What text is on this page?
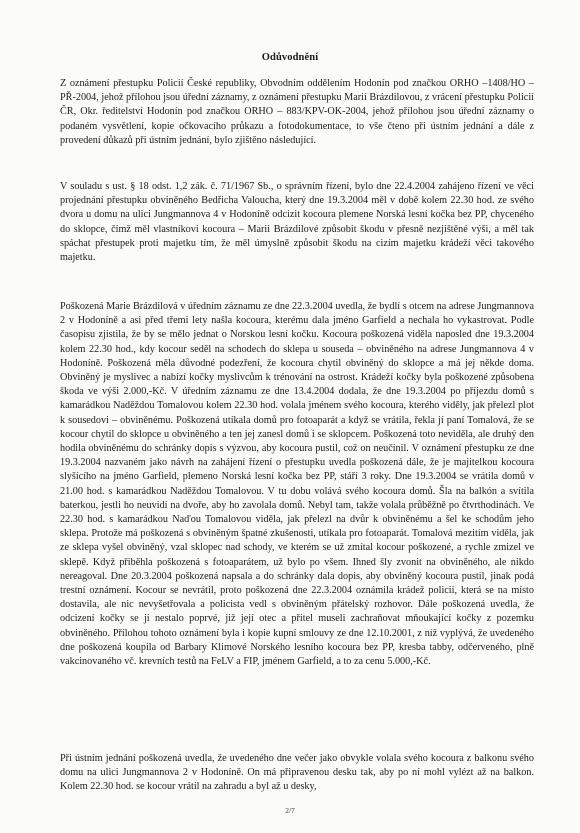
Odůvodnění

Z oznámení přestupku Policií České republiky, Obvodním oddělením Hodonín pod značkou ORHO –1408/HO –PŘ-2004, jehož přílohou jsou úřední záznamy, z oznámení přestupku Marií Brázdilovou, z vrácení přestupku Policií ČR, Okr. ředitelství Hodonín pod značkou ORHO – 883/KPV-OK-2004, jehož přílohou jsou úřední záznamy o podaném vysvětlení, kopie očkovacího průkazu a fotodokumentace, to vše čteno při ústním jednání a dále z provedení důkazů při ústním jednání, bylo zjištěno následující.

V souladu s ust. § 18 odst. 1,2 zák. č. 71/1967 Sb., o správním řízení, bylo dne 22.4.2004 zahájeno řízení ve věci projednání přestupku obviněného Bedřicha Valoucha, který dne 19.3.2004 měl v době kolem 22.30 hod. ze svého dvora u domu na ulici Jungmannova 4 v Hodoníně odcizit kocoura plemene Norská lesní kočka bez PP, chyceného do sklopce, čímž měl vlastníkovi kocoura – Marii Brázdilové způsobit škodu v přesně nezjištěné výši, a měl tak spáchat přestupek proti majetku tím, že měl úmyslně způsobit škodu na cizím majetku krádeží věci takového majetku.

Poškozená Marie Brázdilová v úředním záznamu ze dne 22.3.2004 uvedla, že bydlí s otcem na adrese Jungmannova 2 v Hodoníně a asi před třemi lety našla kocoura, kterému dala jméno Garfield a nechala ho vykastrovat. Podle časopisu zjistila, že by se mělo jednat o Norskou lesní kočku. Kocoura poškozená viděla naposled dne 19.3.2004 kolem 22.30 hod., kdy kocour seděl na schodech do sklepa u souseda – obviněného na adrese Jungmannova 4 v Hodoníně. Poškozená měla důvodné podezření, že kocoura chytil obviněný do sklopce a má jej někde doma. Obviněný je myslivec a nabízí kočky myslivcům k trénování na ostrost. Krádeží kočky byla poškozené způsobena škoda ve výši 2.000,-Kč. V úředním záznamu ze dne 13.4.2004 dodala, že dne 19.3.2004 po příjezdu domů s kamarádkou Naděždou Tomalovou kolem 22.30 hod. volala jménem svého kocoura, kterého viděly, jak přelezl plot k sousedovi – obviněnému. Poškozená utíkala domů pro fotoaparát a když se vrátila, řekla jí paní Tomalová, že se kocour chytil do sklopce u obviněného a ten jej zanesl domů i se sklopcem. Poškozená toto neviděla, ale druhý den hodila obviněnému do schránky dopis s výzvou, aby kocoura pustil, což on neučinil. V oznámení přestupku ze dne 19.3.2004 nazvaném jako návrh na zahájení řízení o přestupku uvedla poškozená dále, že je majitelkou kocoura slyšícího na jméno Garfield, plemeno Norská lesní kočka bez PP, stáří 3 roky. Dne 19.3.2004 se vrátila domů v 21.00 hod. s kamarádkou Naděždou Tomalovou. V tu dobu volává svého kocoura domů. Šla na balkón a svítila baterkou, jestli ho neuvidí na dvoře, aby ho zavolala domů. Nebyl tam, takže volala průběžně po čtvrthodinách. Ve 22.30 hod. s kamarádkou Naďou Tomalovou viděla, jak přelezl na dvůr k obviněnému a šel ke schodům jeho sklepa. Protože má poškozená s obviněným špatné zkušenosti, utíkala pro fotoaparát. Tomalová mezitím viděla, jak ze sklepa vyšel obviněný, vzal sklopec nad schody, ve kterém se už zmítal kocour poškozené, a rychle zmizel ve sklepě. Když přiběhla poškozená s fotoaparátem, už bylo po všem. Ihned šly zvonit na obviněného, ale nikdo nereagoval. Dne 20.3.2004 poškozená napsala a do schránky dala dopis, aby obviněný kocoura pustil, jinak podá trestní oznámení. Kocour se nevrátil, proto poškozená dne 22.3.2004 oznámila krádež policii, která se na místo dostavila, ale nic nevyšetřovala a policista vedl s obviněným přátelský rozhovor. Dále poškozená uvedla, že odcizení kočky se jí nestalo poprvé, již její otec a přítel museli zachraňovat mňoukající kočky z pozemku obviněného. Přílohou tohoto oznámení byla i kopie kupní smlouvy ze dne 12.10.2001, z níž vyplývá, že uvedeného dne poškozená koupila od Barbary Klimové Norského lesního kocoura bez PP, kresba tabby, odčerveného, plně vakcinovaného vč. krevních testů na FeLV a FIP, jménem Garfield, a to za cenu 5.000,-Kč.

Při ústním jednání poškozená uvedla, že uvedeného dne večer jako obvykle volala svého kocoura z balkonu svého domu na ulici Jungmannova 2 v Hodoníně. On má připravenou desku tak, aby po ní mohl vylézt až na balkon. Kolem 22.30 hod. se kocour vrátil na zahradu a byl až u desky,

2/7
